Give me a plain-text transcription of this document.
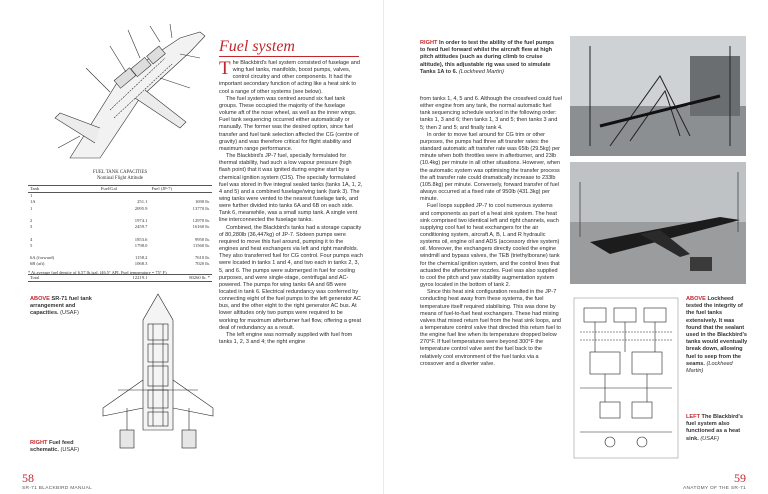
FUEL TANK CAPACITIES
Nominal Flight Attitude
Tank	Fuel/Gal	Fuel (JP-7)
1		
1A	251.1	1690 lb.
1	2095.9	13770 lb.

2	1974.1	12970 lb.
3	2459.7	16160 lb.

4	1853.6	9950 lb.
5	1798.0	11560 lb.

6A (forward)	1158.2	7610 lb.
6B (aft)	1068.3	7020 lb.

Total	12219.1	80260 lb. *
* At average fuel density of 6.57 lb./gal. (46.5° API, Fuel temperature = 75° F)
ABOVE SR-71 fuel tank arrangement and capacities. (USAF)
RIGHT Fuel feed schematic. (USAF)
Fuel system

The Blackbird's fuel system consisted of fuselage and wing fuel tanks, manifolds, boost pumps, valves, control circuitry and other components. It had the important secondary function of acting like a heat sink to cool a range of other systems (see below).

The fuel system was centred around six fuel tank groups. These occupied the majority of the fuselage volume aft of the nose wheel, as well as the inner wings. Fuel tank sequencing occurred either automatically or manually. The former was the desired option, since fuel transfer and fuel tank selection affected the CG (centre of gravity) and was therefore critical for flight stability and maximum range performance.

The Blackbird's JP-7 fuel, specially formulated for thermal stability, had such a low vapour pressure (high flash point) that it was ignited during engine start by a chemical ignition system (CIS). The specially formulated fuel was stored in five integral sealed tanks (tanks 1A, 1, 2, 4 and 5) and a combined fuselage/wing tank (tank 3). The wing tanks were vented to the nearest fuselage tank, and were further divided into tanks 6A and 6B on each side. Tank 6, meanwhile, was a small sump tank. A single vent line interconnected the fuselage tanks.

Combined, the Blackbird's tanks had a storage capacity of 80,280lb (36,447kg) of JP-7. Sixteen pumps were required to move this fuel around, pumping it to the engines and heat exchangers via left and right manifolds. They also transferred fuel for CG control. Four pumps each were located in tanks 1 and 4, and two each in tanks 2, 3, 5, and 6. The pumps were submerged in fuel for cooling purposes, and were single-stage, centrifugal and AC-powered. The pumps for wing tanks 6A and 6B were located in tank 6. Electrical redundancy was conferred by connecting eight of the fuel pumps to the left generator AC bus, and the other eight to the right generator AC bus. At lower altitudes only two pumps were required to be working for maximum afterburner fuel flow, offering a great deal of redundancy as a result.

The left engine was normally supplied with fuel from tanks 1, 2, 3 and 4; the right engine

58
SR-71 BLACKBIRD MANUAL
RIGHT In order to test the ability of the fuel pumps to feed fuel forward whilst the aircraft flew at high pitch attitudes (such as during climb to cruise altitude), this adjustable rig was used to simulate Tanks 1A to 6. (Lockheed Martin)

from tanks 1, 4, 5 and 6. Although the crossfeed could fuel either engine from any tank, the normal automatic fuel tank sequencing schedule worked in the following order: tanks 1, 3 and 6; then tanks 1, 3 and 5; then tanks 3 and 5; then 2 and 5; and finally tank 4.

In order to move fuel around for CG trim or other purposes, the pumps had three aft transfer rates: the standard automatic aft transfer rate was 65lb (29.5kg) per minute when both throttles were in afterburner, and 23lb (10.4kg) per minute in all other situations. However, when the automatic system was optimising the transfer process the aft transfer rate could dramatically increase to 233lb (105.8kg) per minute. Conversely, forward transfer of fuel always occurred at a fixed rate of 950lb (431.3kg) per minute.

Fuel loops supplied JP-7 to cool numerous systems and components as part of a heat sink system. The heat sink comprised two identical left and right channels, each supplying cool fuel to heat exchangers for the air conditioning system, aircraft A, B, L and R hydraulic systems oil, engine oil and ADS (accessory drive system) oil. Moreover, the exchangers directly cooled the engine windmill and bypass valves, the TEB (triethylborane) tank for the chemical ignition system, and the control lines that actuated the afterburner nozzles. Fuel was also supplied to cool the pitch and yaw stability augmentation system gyros located in the bottom of tank 2.

Since this heat sink configuration resulted in the JP-7 conducting heat away from these systems, the fuel temperature itself required stabilising. This was done by means of fuel-to-fuel heat exchangers. These had mixing valves that mixed return fuel from the heat sink loops, and a temperature control valve that directed this return fuel to the engine fuel line when its temperature dropped below 270°F. If fuel temperatures were beyond 300°F the temperature control valve sent the fuel back to the relatively cool environment of the fuel tanks via a crossover and a diverter valve.

ABOVE Lockheed tested the integrity of the fuel tanks extensively. It was found that the sealant used in the Blackbird's tanks would eventually break down, allowing fuel to seep from the seams. (Lockheed Martin)
LEFT The Blackbird's fuel system also functioned as a heat sink. (USAF)
59
ANATOMY OF THE SR-71
